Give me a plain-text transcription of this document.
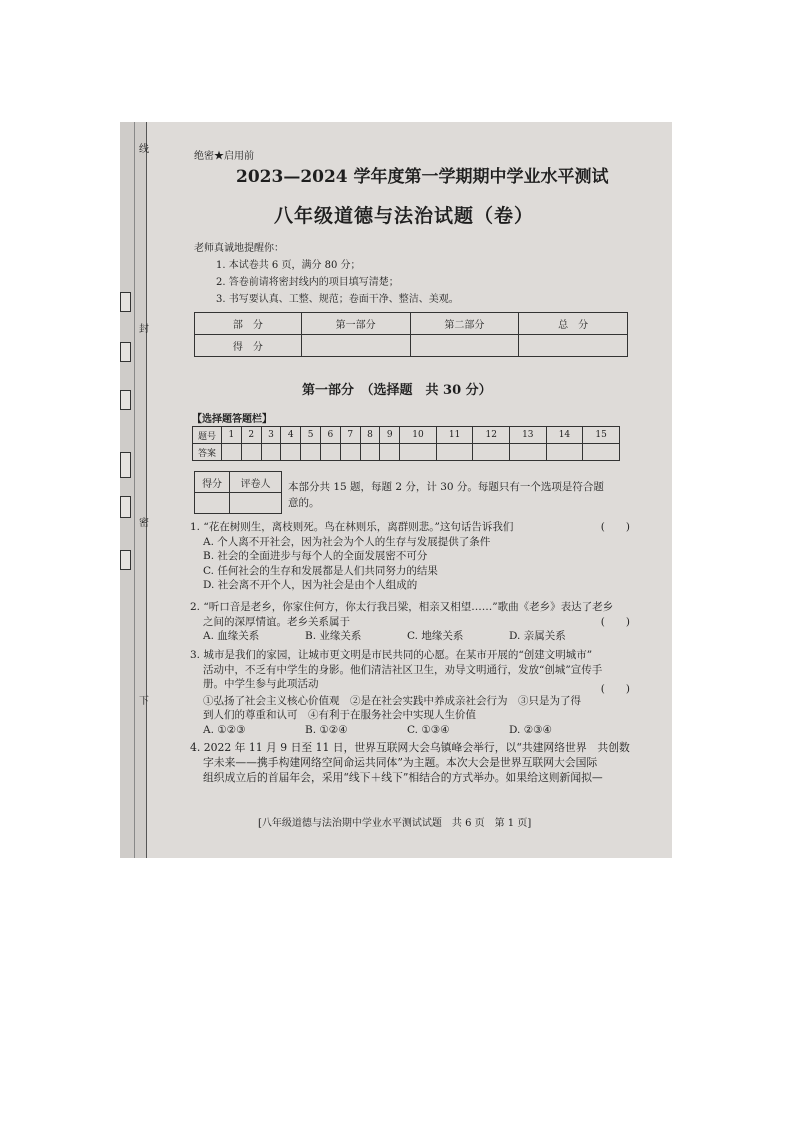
线
封
密
下
绝密★启用前
2023—2024 学年度第一学期期中学业水平测试
八年级道德与法治试题（卷）
老师真诚地提醒你：
1. 本试卷共 6 页，满分 80 分；
2. 答卷前请将密封线内的项目填写清楚；
3. 书写要认真、工整、规范；卷面干净、整洁、美观。
部　分	第一部分	第二部分	总　分
得　分			
第一部分　（选择题　共 30 分）
【选择题答题栏】
题号	1	2	3	4	5	6	7	8	9	10	11	12	13	14	15
答案															
得分	评卷人
	本部分共 15 题，每题 2 分，计 30 分。每题只有一个选项是符合题
意的。

1. “花在树则生，离枝则死。鸟在林则乐，离群则悲。”这句话告诉我们	(　　)

A. 个人离不开社会，因为社会为个人的生存与发展提供了条件

B. 社会的全面进步与每个人的全面发展密不可分

C. 任何社会的生存和发展都是人们共同努力的结果

D. 社会离不开个人，因为社会是由个人组成的

2. “听口音是老乡，你家住何方，你太行我吕梁，相亲又相望……”歌曲《老乡》表达了老乡

之间的深厚情谊。老乡关系属于	(　　)
A. 血缘关系	B. 业缘关系	C. 地缘关系	D. 亲属关系

3. 城市是我们的家园，让城市更文明是市民共同的心愿。在某市开展的“创建文明城市”

活动中，不乏有中学生的身影。他们清洁社区卫生，劝导文明通行，发放“创城”宣传手

册。中学生参与此项活动	(　　)

①弘扬了社会主义核心价值观　②是在社会实践中养成亲社会行为　③只是为了得

到人们的尊重和认可　④有利于在服务社会中实现人生价值

A. ①②③	B. ①②④	C. ①③④	D. ②③④

4. 2022 年 11 月 9 日至 11 日，世界互联网大会乌镇峰会举行，以“共建网络世界　共创数

字未来——携手构建网络空间命运共同体”为主题。本次大会是世界互联网大会国际

组织成立后的首届年会，采用“线下＋线下”相结合的方式举办。如果给这则新闻拟—

[八年级道德与法治期中学业水平测试试题　共 6 页　第 1 页]
